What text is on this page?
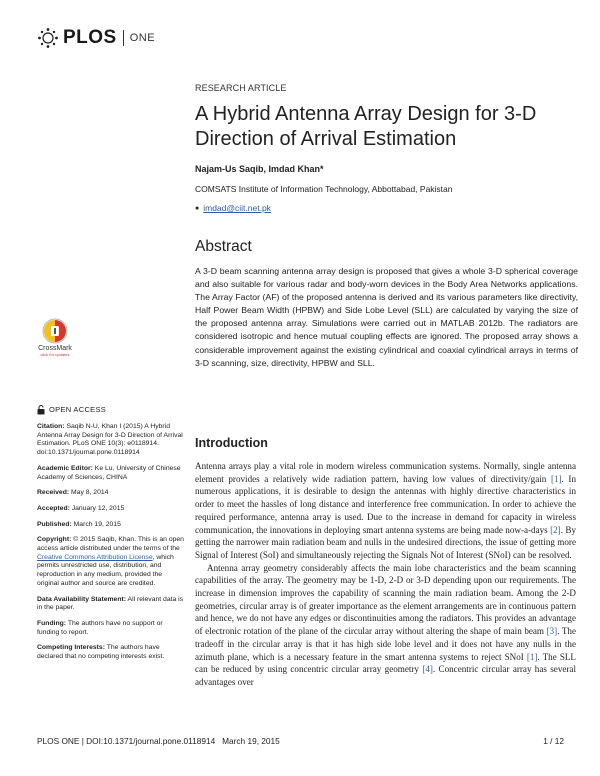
PLOS ONE
RESEARCH ARTICLE
A Hybrid Antenna Array Design for 3-D Direction of Arrival Estimation
Najam-Us Saqib, Imdad Khan*
COMSATS Institute of Information Technology, Abbottabad, Pakistan
● imdad@ciit.net.pk
Abstract
A 3-D beam scanning antenna array design is proposed that gives a whole 3-D spherical coverage and also suitable for various radar and body-worn devices in the Body Area Networks applications. The Array Factor (AF) of the proposed antenna is derived and its various parameters like directivity, Half Power Beam Width (HPBW) and Side Lobe Level (SLL) are calculated by varying the size of the proposed antenna array. Simulations were carried out in MATLAB 2012b. The radiators are considered isotropic and hence mutual coupling effects are ignored. The proposed array shows a considerable improvement against the existing cylindrical and coaxial cylindrical arrays in terms of 3-D scanning, size, directivity, HPBW and SLL.
CrossMark
click for updates
OPEN ACCESS
Citation: Saqib N-U, Khan I (2015) A Hybrid Antenna Array Design for 3-D Direction of Arrival Estimation. PLoS ONE 10(3): e0118914. doi:10.1371/journal.pone.0118914
Academic Editor: Ke Lu, University of Chinese Academy of Sciences, CHINA
Received: May 8, 2014
Accepted: January 12, 2015
Published: March 19, 2015
Copyright: © 2015 Saqib, Khan. This is an open access article distributed under the terms of the Creative Commons Attribution License, which permits unrestricted use, distribution, and reproduction in any medium, provided the original author and source are credited.
Data Availability Statement: All relevant data is in the paper.
Funding: The authors have no support or funding to report.
Competing Interests: The authors have declared that no competing interests exist.
Introduction

Antenna arrays play a vital role in modern wireless communication systems. Normally, single antenna element provides a relatively wide radiation pattern, having low values of directivity/gain [1]. In numerous applications, it is desirable to design the antennas with highly directive characteristics in order to meet the hassles of long distance and interference free communication. In order to achieve the required performance, antenna array is used. Due to the increase in demand for capacity in wireless communication, the innovations in deploying smart antenna systems are being made now-a-days [2]. By getting the narrower main radiation beam and nulls in the undesired directions, the issue of getting more Signal of Interest (SoI) and simultaneously rejecting the Signals Not of Interest (SNoI) can be resolved.

Antenna array geometry considerably affects the main lobe characteristics and the beam scanning capabilities of the array. The geometry may be 1-D, 2-D or 3-D depending upon our requirements. The increase in dimension improves the capability of scanning the main radiation beam. Among the 2-D geometries, circular array is of greater importance as the element arrangements are in continuous pattern and hence, we do not have any edges or discontinuities among the radiators. This provides an advantage of electronic rotation of the plane of the circular array without altering the shape of main beam [3]. The tradeoff in the circular array is that it has high side lobe level and it does not have any nulls in the azimuth plane, which is a necessary feature in the smart antenna systems to reject SNoI [1]. The SLL can be reduced by using concentric circular array geometry [4]. Concentric circular array has several advantages over

PLOS ONE | DOI:10.1371/journal.pone.0118914   March 19, 2015	1 / 12
